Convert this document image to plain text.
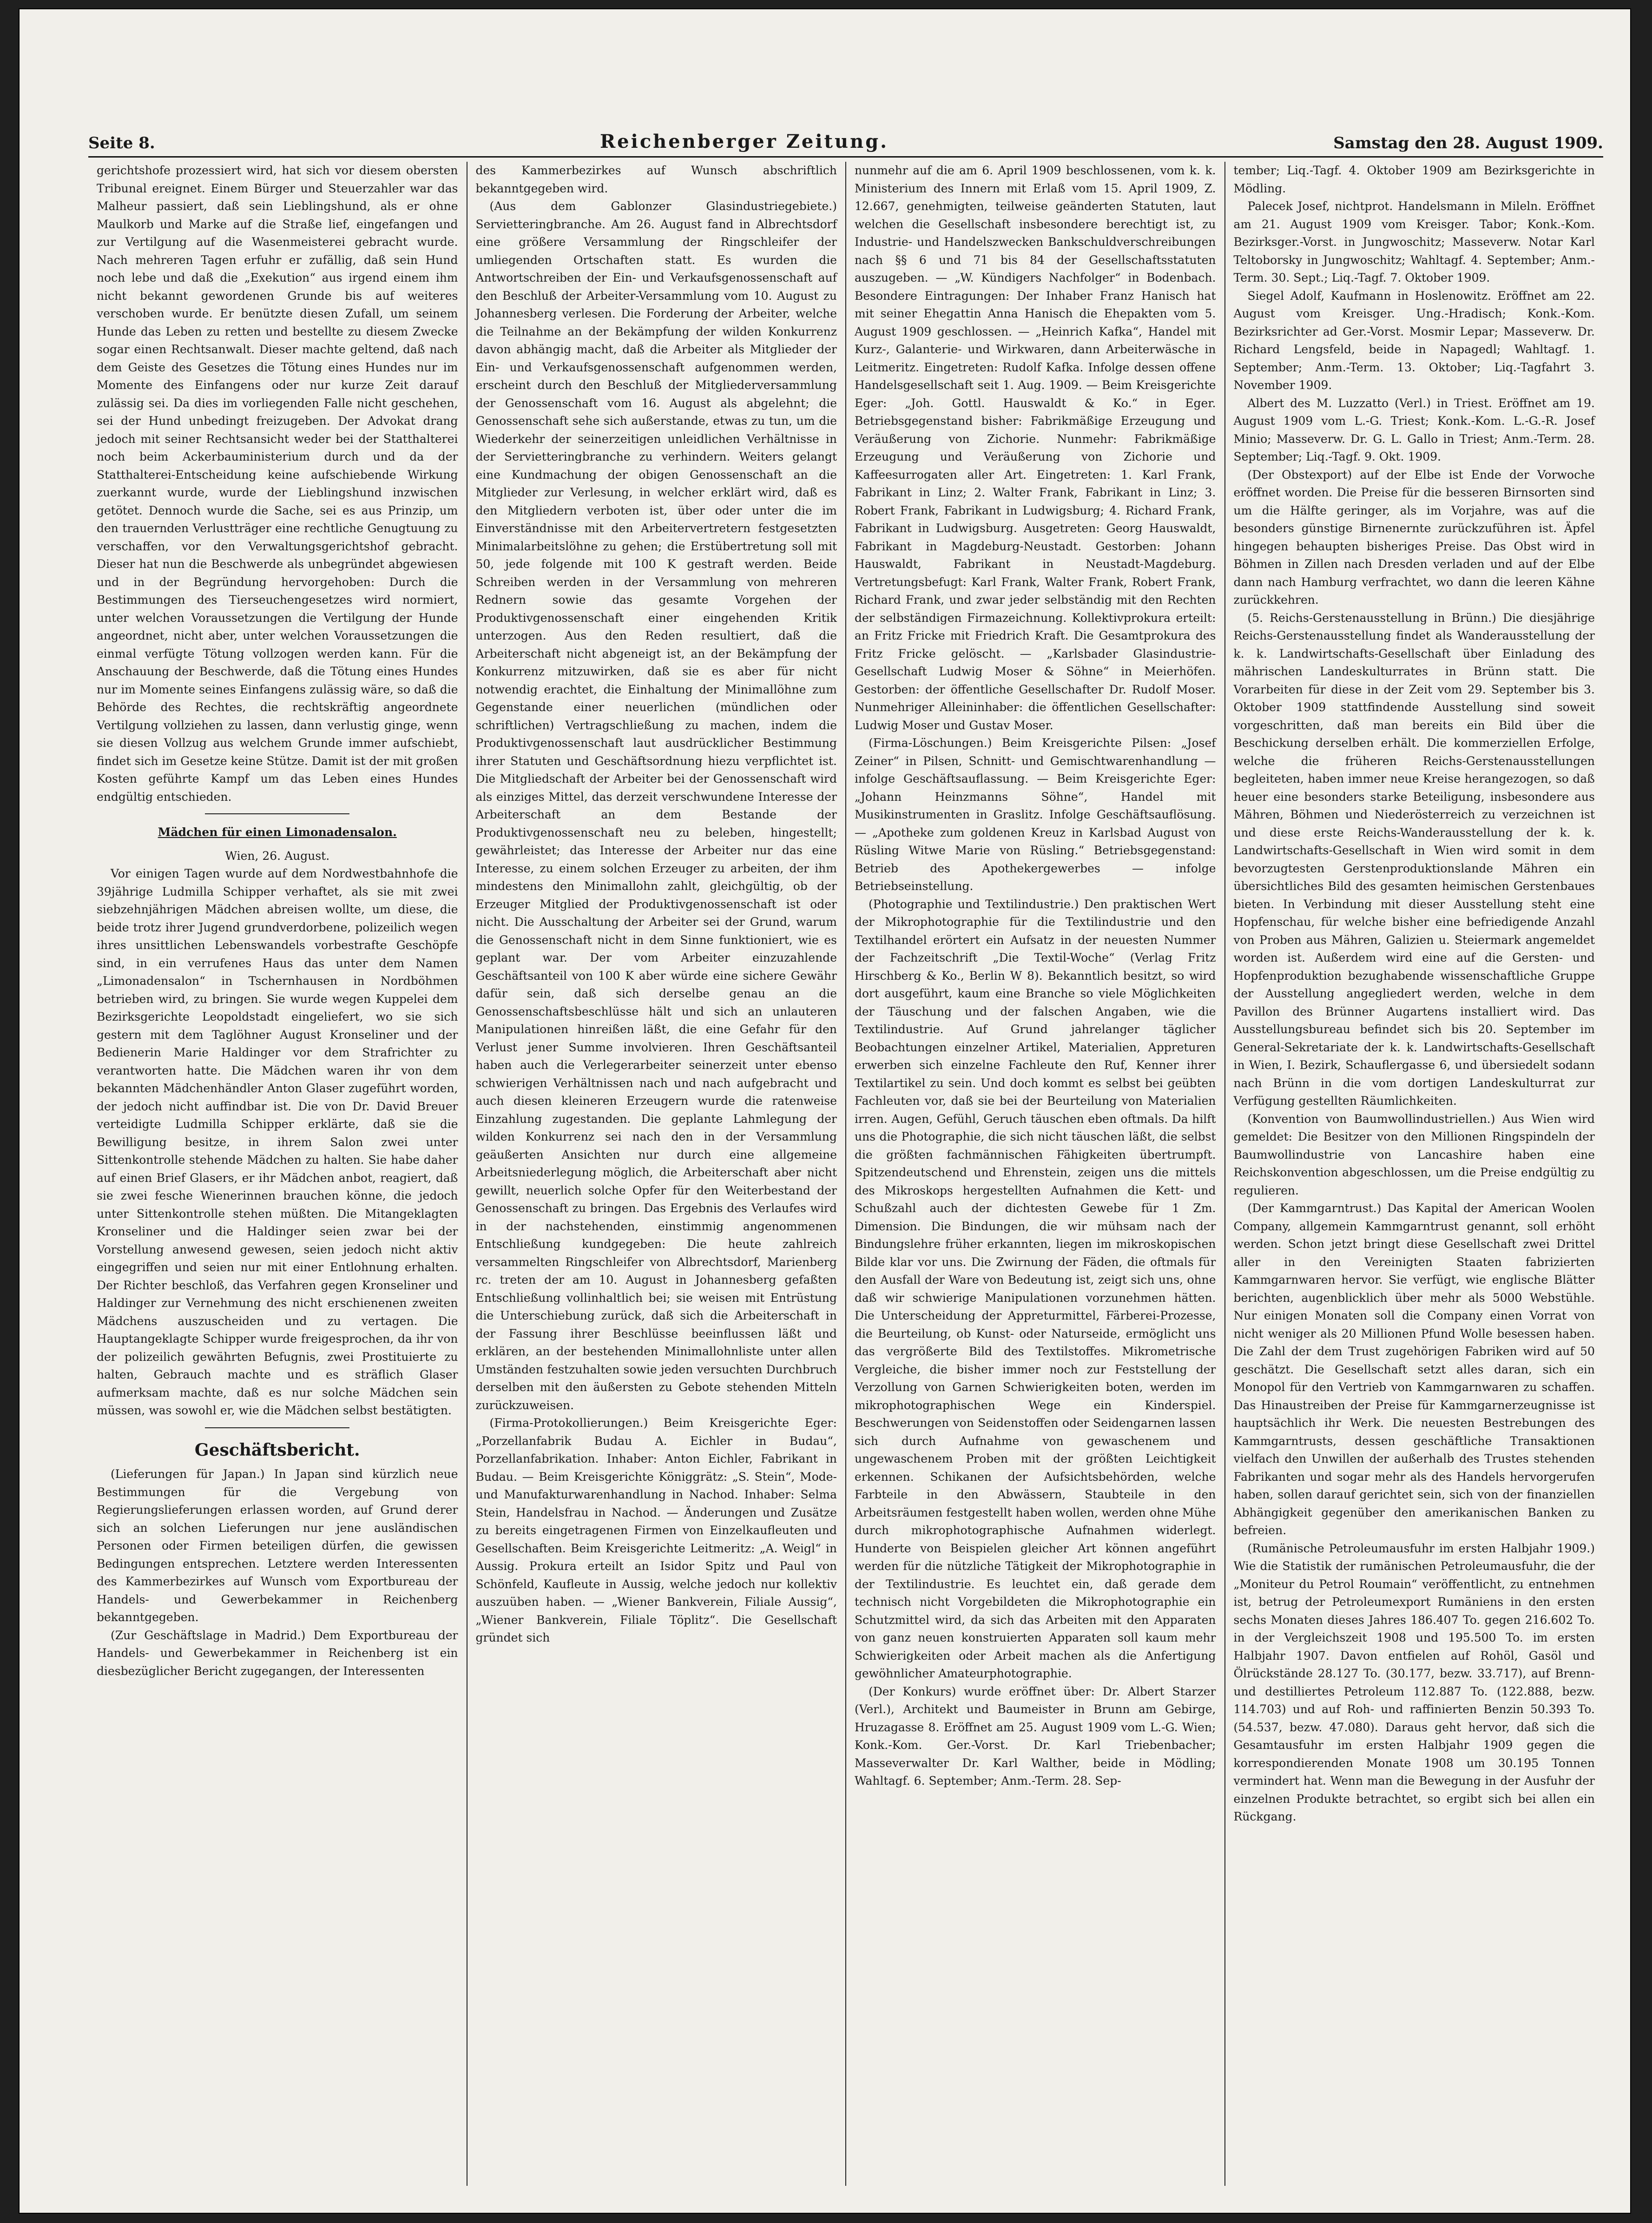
Seite 8.	Reichenberger Zeitung.	Samstag den 28. August 1909.

gerichtshofe prozessiert wird, hat sich vor diesem obersten Tribunal ereignet. Einem Bürger und Steuerzahler war das Malheur passiert, daß sein Lieblingshund, als er ohne Maulkorb und Marke auf die Straße lief, eingefangen und zur Vertilgung auf die Wasenmeisterei gebracht wurde. Nach mehreren Tagen erfuhr er zufällig, daß sein Hund noch lebe und daß die „Exekution“ aus irgend einem ihm nicht bekannt gewordenen Grunde bis auf weiteres verschoben wurde. Er benützte diesen Zufall, um seinem Hunde das Leben zu retten und bestellte zu diesem Zwecke sogar einen Rechtsanwalt. Dieser machte geltend, daß nach dem Geiste des Gesetzes die Tötung eines Hundes nur im Momente des Einfangens oder nur kurze Zeit darauf zulässig sei. Da dies im vorliegenden Falle nicht geschehen, sei der Hund unbedingt freizugeben. Der Advokat drang jedoch mit seiner Rechtsansicht weder bei der Statthalterei noch beim Ackerbauministerium durch und da der Statthalterei-Entscheidung keine aufschiebende Wirkung zuerkannt wurde, wurde der Lieblingshund inzwischen getötet. Dennoch wurde die Sache, sei es aus Prinzip, um den trauernden Verlustträger eine rechtliche Genugtuung zu verschaffen, vor den Verwaltungsgerichtshof gebracht. Dieser hat nun die Beschwerde als unbegründet abgewiesen und in der Begründung hervorgehoben: Durch die Bestimmungen des Tierseuchengesetzes wird normiert, unter welchen Voraussetzungen die Vertilgung der Hunde angeordnet, nicht aber, unter welchen Voraussetzungen die einmal verfügte Tötung vollzogen werden kann. Für die Anschauung der Beschwerde, daß die Tötung eines Hundes nur im Momente seines Einfangens zulässig wäre, so daß die Behörde des Rechtes, die rechtskräftig angeordnete Vertilgung vollziehen zu lassen, dann verlustig ginge, wenn sie diesen Vollzug aus welchem Grunde immer aufschiebt, findet sich im Gesetze keine Stütze. Damit ist der mit großen Kosten geführte Kampf um das Leben eines Hundes endgültig entschieden.

Mädchen für einen Limonadensalon.

Wien, 26. August.

Vor einigen Tagen wurde auf dem Nordwestbahnhofe die 39jährige Ludmilla Schipper verhaftet, als sie mit zwei siebzehnjährigen Mädchen abreisen wollte, um diese, die beide trotz ihrer Jugend grundverdorbene, polizeilich wegen ihres unsittlichen Lebenswandels vorbestrafte Geschöpfe sind, in ein verrufenes Haus das unter dem Namen „Limonadensalon“ in Tschernhausen in Nordböhmen betrieben wird, zu bringen. Sie wurde wegen Kuppelei dem Bezirksgerichte Leopoldstadt eingeliefert, wo sie sich gestern mit dem Taglöhner August Kronseliner und der Bedienerin Marie Haldinger vor dem Strafrichter zu verantworten hatte. Die Mädchen waren ihr von dem bekannten Mädchenhändler Anton Glaser zugeführt worden, der jedoch nicht auffindbar ist. Die von Dr. David Breuer verteidigte Ludmilla Schipper erklärte, daß sie die Bewilligung besitze, in ihrem Salon zwei unter Sittenkontrolle stehende Mädchen zu halten. Sie habe daher auf einen Brief Glasers, er ihr Mädchen anbot, reagiert, daß sie zwei fesche Wienerinnen brauchen könne, die jedoch unter Sittenkontrolle stehen müßten. Die Mitangeklagten Kronseliner und die Haldinger seien zwar bei der Vorstellung anwesend gewesen, seien jedoch nicht aktiv eingegriffen und seien nur mit einer Entlohnung erhalten. Der Richter beschloß, das Verfahren gegen Kronseliner und Haldinger zur Vernehmung des nicht erschienenen zweiten Mädchens auszuscheiden und zu vertagen. Die Hauptangeklagte Schipper wurde freigesprochen, da ihr von der polizeilich gewährten Befugnis, zwei Prostituierte zu halten, Gebrauch machte und es sträflich Glaser aufmerksam machte, daß es nur solche Mädchen sein müssen, was sowohl er, wie die Mädchen selbst bestätigten.

Geschäftsbericht.

(Lieferungen für Japan.) In Japan sind kürzlich neue Bestimmungen für die Vergebung von Regierungslieferungen erlassen worden, auf Grund derer sich an solchen Lieferungen nur jene ausländischen Personen oder Firmen beteiligen dürfen, die gewissen Bedingungen entsprechen. Letztere werden Interessenten des Kammerbezirkes auf Wunsch vom Exportbureau der Handels- und Gewerbekammer in Reichenberg bekanntgegeben.

(Zur Geschäftslage in Madrid.) Dem Exportbureau der Handels- und Gewerbekammer in Reichenberg ist ein diesbezüglicher Bericht zugegangen, der Interessenten

des Kammerbezirkes auf Wunsch abschriftlich bekanntgegeben wird.

(Aus dem Gablonzer Glasindustriegebiete.) Servietteringbranche. Am 26. August fand in Albrechtsdorf eine größere Versammlung der Ringschleifer der umliegenden Ortschaften statt. Es wurden die Antwortschreiben der Ein- und Verkaufsgenossenschaft auf den Beschluß der Arbeiter-Versammlung vom 10. August zu Johannesberg verlesen. Die Forderung der Arbeiter, welche die Teilnahme an der Bekämpfung der wilden Konkurrenz davon abhängig macht, daß die Arbeiter als Mitglieder der Ein- und Verkaufsgenossenschaft aufgenommen werden, erscheint durch den Beschluß der Mitgliederversammlung der Genossenschaft vom 16. August als abgelehnt; die Genossenschaft sehe sich außerstande, etwas zu tun, um die Wiederkehr der seinerzeitigen unleidlichen Verhältnisse in der Servietteringbranche zu verhindern. Weiters gelangt eine Kundmachung der obigen Genossenschaft an die Mitglieder zur Verlesung, in welcher erklärt wird, daß es den Mitgliedern verboten ist, über oder unter die im Einverständnisse mit den Arbeitervertretern festgesetzten Minimalarbeitslöhne zu gehen; die Erstübertretung soll mit 50, jede folgende mit 100 K gestraft werden. Beide Schreiben werden in der Versammlung von mehreren Rednern sowie das gesamte Vorgehen der Produktivgenossenschaft einer eingehenden Kritik unterzogen. Aus den Reden resultiert, daß die Arbeiterschaft nicht abgeneigt ist, an der Bekämpfung der Konkurrenz mitzuwirken, daß sie es aber für nicht notwendig erachtet, die Einhaltung der Minimallöhne zum Gegenstande einer neuerlichen (mündlichen oder schriftlichen) Vertragschließung zu machen, indem die Produktivgenossenschaft laut ausdrücklicher Bestimmung ihrer Statuten und Geschäftsordnung hiezu verpflichtet ist. Die Mitgliedschaft der Arbeiter bei der Genossenschaft wird als einziges Mittel, das derzeit verschwundene Interesse der Arbeiterschaft an dem Bestande der Produktivgenossenschaft neu zu beleben, hingestellt; gewährleistet; das Interesse der Arbeiter nur das eine Interesse, zu einem solchen Erzeuger zu arbeiten, der ihm mindestens den Minimallohn zahlt, gleichgültig, ob der Erzeuger Mitglied der Produktivgenossenschaft ist oder nicht. Die Ausschaltung der Arbeiter sei der Grund, warum die Genossenschaft nicht in dem Sinne funktioniert, wie es geplant war. Der vom Arbeiter einzuzahlende Geschäftsanteil von 100 K aber würde eine sichere Gewähr dafür sein, daß sich derselbe genau an die Genossenschaftsbeschlüsse hält und sich an unlauteren Manipulationen hinreißen läßt, die eine Gefahr für den Verlust jener Summe involvieren. Ihren Geschäftsanteil haben auch die Verlegerarbeiter seinerzeit unter ebenso schwierigen Verhältnissen nach und nach aufgebracht und auch diesen kleineren Erzeugern wurde die ratenweise Einzahlung zugestanden. Die geplante Lahmlegung der wilden Konkurrenz sei nach den in der Versammlung geäußerten Ansichten nur durch eine allgemeine Arbeitsniederlegung möglich, die Arbeiterschaft aber nicht gewillt, neuerlich solche Opfer für den Weiterbestand der Genossenschaft zu bringen. Das Ergebnis des Verlaufes wird in der nachstehenden, einstimmig angenommenen Entschließung kundgegeben: Die heute zahlreich versammelten Ringschleifer von Albrechtsdorf, Marienberg rc. treten der am 10. August in Johannesberg gefaßten Entschließung vollinhaltlich bei; sie weisen mit Entrüstung die Unterschiebung zurück, daß sich die Arbeiterschaft in der Fassung ihrer Beschlüsse beeinflussen läßt und erklären, an der bestehenden Minimallohnliste unter allen Umständen festzuhalten sowie jeden versuchten Durchbruch derselben mit den äußersten zu Gebote stehenden Mitteln zurückzuweisen.

(Firma-Protokollierungen.) Beim Kreisgerichte Eger: „Porzellanfabrik Budau A. Eichler in Budau“, Porzellanfabrikation. Inhaber: Anton Eichler, Fabrikant in Budau. — Beim Kreisgerichte Königgrätz: „S. Stein“, Mode- und Manufakturwarenhandlung in Nachod. Inhaber: Selma Stein, Handelsfrau in Nachod. — Änderungen und Zusätze zu bereits eingetragenen Firmen von Einzelkaufleuten und Gesellschaften. Beim Kreisgerichte Leitmeritz: „A. Weigl“ in Aussig. Prokura erteilt an Isidor Spitz und Paul von Schönfeld, Kaufleute in Aussig, welche jedoch nur kollektiv auszuüben haben. — „Wiener Bankverein, Filiale Aussig“, „Wiener Bankverein, Filiale Töplitz“. Die Gesellschaft gründet sich

nunmehr auf die am 6. April 1909 beschlossenen, vom k. k. Ministerium des Innern mit Erlaß vom 15. April 1909, Z. 12.667, genehmigten, teilweise geänderten Statuten, laut welchen die Gesellschaft insbesondere berechtigt ist, zu Industrie- und Handelszwecken Bankschuldverschreibungen nach §§ 6 und 71 bis 84 der Gesellschaftsstatuten auszugeben. — „W. Kündigers Nachfolger“ in Bodenbach. Besondere Eintragungen: Der Inhaber Franz Hanisch hat mit seiner Ehegattin Anna Hanisch die Ehepakten vom 5. August 1909 geschlossen. — „Heinrich Kafka“, Handel mit Kurz-, Galanterie- und Wirkwaren, dann Arbeiterwäsche in Leitmeritz. Eingetreten: Rudolf Kafka. Infolge dessen offene Handelsgesellschaft seit 1. Aug. 1909. — Beim Kreisgerichte Eger: „Joh. Gottl. Hauswaldt & Ko.“ in Eger. Betriebsgegenstand bisher: Fabrikmäßige Erzeugung und Veräußerung von Zichorie. Nunmehr: Fabrikmäßige Erzeugung und Veräußerung von Zichorie und Kaffeesurrogaten aller Art. Eingetreten: 1. Karl Frank, Fabrikant in Linz; 2. Walter Frank, Fabrikant in Linz; 3. Robert Frank, Fabrikant in Ludwigsburg; 4. Richard Frank, Fabrikant in Ludwigsburg. Ausgetreten: Georg Hauswaldt, Fabrikant in Magdeburg-Neustadt. Gestorben: Johann Hauswaldt, Fabrikant in Neustadt-Magdeburg. Vertretungsbefugt: Karl Frank, Walter Frank, Robert Frank, Richard Frank, und zwar jeder selbständig mit den Rechten der selbständigen Firmazeichnung. Kollektivprokura erteilt: an Fritz Fricke mit Friedrich Kraft. Die Gesamtprokura des Fritz Fricke gelöscht. — „Karlsbader Glasindustrie-Gesellschaft Ludwig Moser & Söhne“ in Meierhöfen. Gestorben: der öffentliche Gesellschafter Dr. Rudolf Moser. Nunmehriger Alleininhaber: die öffentlichen Gesellschafter: Ludwig Moser und Gustav Moser.

(Firma-Löschungen.) Beim Kreisgerichte Pilsen: „Josef Zeiner“ in Pilsen, Schnitt- und Gemischtwarenhandlung — infolge Geschäftsauflassung. — Beim Kreisgerichte Eger: „Johann Heinzmanns Söhne“, Handel mit Musikinstrumenten in Graslitz. Infolge Geschäftsauflösung. — „Apotheke zum goldenen Kreuz in Karlsbad August von Rüsling Witwe Marie von Rüsling.“ Betriebsgegenstand: Betrieb des Apothekergewerbes — infolge Betriebseinstellung.

(Photographie und Textilindustrie.) Den praktischen Wert der Mikrophotographie für die Textilindustrie und den Textilhandel erörtert ein Aufsatz in der neuesten Nummer der Fachzeitschrift „Die Textil-Woche“ (Verlag Fritz Hirschberg & Ko., Berlin W 8). Bekanntlich besitzt, so wird dort ausgeführt, kaum eine Branche so viele Möglichkeiten der Täuschung und der falschen Angaben, wie die Textilindustrie. Auf Grund jahrelanger täglicher Beobachtungen einzelner Artikel, Materialien, Appreturen erwerben sich einzelne Fachleute den Ruf, Kenner ihrer Textilartikel zu sein. Und doch kommt es selbst bei geübten Fachleuten vor, daß sie bei der Beurteilung von Materialien irren. Augen, Gefühl, Geruch täuschen eben oftmals. Da hilft uns die Photographie, die sich nicht täuschen läßt, die selbst die größten fachmännischen Fähigkeiten übertrumpft. Spitzendeutschend und Ehrenstein, zeigen uns die mittels des Mikroskops hergestellten Aufnahmen die Kett- und Schußzahl auch der dichtesten Gewebe für 1 Zm. Dimension. Die Bindungen, die wir mühsam nach der Bindungslehre früher erkannten, liegen im mikroskopischen Bilde klar vor uns. Die Zwirnung der Fäden, die oftmals für den Ausfall der Ware von Bedeutung ist, zeigt sich uns, ohne daß wir schwierige Manipulationen vorzunehmen hätten. Die Unterscheidung der Appreturmittel, Färberei-Prozesse, die Beurteilung, ob Kunst- oder Naturseide, ermöglicht uns das vergrößerte Bild des Textilstoffes. Mikrometrische Vergleiche, die bisher immer noch zur Feststellung der Verzollung von Garnen Schwierigkeiten boten, werden im mikrophotographischen Wege ein Kinderspiel. Beschwerungen von Seidenstoffen oder Seidengarnen lassen sich durch Aufnahme von gewaschenem und ungewaschenem Proben mit der größten Leichtigkeit erkennen. Schikanen der Aufsichtsbehörden, welche Farbteile in den Abwässern, Staubteile in den Arbeitsräumen festgestellt haben wollen, werden ohne Mühe durch mikrophotographische Aufnahmen widerlegt. Hunderte von Beispielen gleicher Art können angeführt werden für die nützliche Tätigkeit der Mikrophotographie in der Textilindustrie. Es leuchtet ein, daß gerade dem technisch nicht Vorgebildeten die Mikrophotographie ein Schutzmittel wird, da sich das Arbeiten mit den Apparaten von ganz neuen konstruierten Apparaten soll kaum mehr Schwierigkeiten oder Arbeit machen als die Anfertigung gewöhnlicher Amateurphotographie.

(Der Konkurs) wurde eröffnet über: Dr. Albert Starzer (Verl.), Architekt und Baumeister in Brunn am Gebirge, Hruzagasse 8. Eröffnet am 25. August 1909 vom L.-G. Wien; Konk.-Kom. Ger.-Vorst. Dr. Karl Triebenbacher; Masseverwalter Dr. Karl Walther, beide in Mödling; Wahltagf. 6. September; Anm.-Term. 28. Sep-

tember; Liq.-Tagf. 4. Oktober 1909 am Bezirksgerichte in Mödling.

Palecek Josef, nichtprot. Handelsmann in Mileln. Eröffnet am 21. August 1909 vom Kreisger. Tabor; Konk.-Kom. Bezirksger.-Vorst. in Jungwoschitz; Masseverw. Notar Karl Teltoborsky in Jungwoschitz; Wahltagf. 4. September; Anm.-Term. 30. Sept.; Liq.-Tagf. 7. Oktober 1909.

Siegel Adolf, Kaufmann in Hoslenowitz. Eröffnet am 22. August vom Kreisger. Ung.-Hradisch; Konk.-Kom. Bezirksrichter ad Ger.-Vorst. Mosmir Lepar; Masseverw. Dr. Richard Lengsfeld, beide in Napagedl; Wahltagf. 1. September; Anm.-Term. 13. Oktober; Liq.-Tagfahrt 3. November 1909.

Albert des M. Luzzatto (Verl.) in Triest. Eröffnet am 19. August 1909 vom L.-G. Triest; Konk.-Kom. L.-G.-R. Josef Minio; Masseverw. Dr. G. L. Gallo in Triest; Anm.-Term. 28. September; Liq.-Tagf. 9. Okt. 1909.

(Der Obstexport) auf der Elbe ist Ende der Vorwoche eröffnet worden. Die Preise für die besseren Birnsorten sind um die Hälfte geringer, als im Vorjahre, was auf die besonders günstige Birnenernte zurückzuführen ist. Äpfel hingegen behaupten bisheriges Preise. Das Obst wird in Böhmen in Zillen nach Dresden verladen und auf der Elbe dann nach Hamburg verfrachtet, wo dann die leeren Kähne zurückkehren.

(5. Reichs-Gerstenausstellung in Brünn.) Die diesjährige Reichs-Gerstenausstellung findet als Wanderausstellung der k. k. Landwirtschafts-Gesellschaft über Einladung des mährischen Landeskulturrates in Brünn statt. Die Vorarbeiten für diese in der Zeit vom 29. September bis 3. Oktober 1909 stattfindende Ausstellung sind soweit vorgeschritten, daß man bereits ein Bild über die Beschickung derselben erhält. Die kommerziellen Erfolge, welche die früheren Reichs-Gerstenausstellungen begleiteten, haben immer neue Kreise herangezogen, so daß heuer eine besonders starke Beteiligung, insbesondere aus Mähren, Böhmen und Niederösterreich zu verzeichnen ist und diese erste Reichs-Wanderausstellung der k. k. Landwirtschafts-Gesellschaft in Wien wird somit in dem bevorzugtesten Gerstenproduktionslande Mähren ein übersichtliches Bild des gesamten heimischen Gerstenbaues bieten. In Verbindung mit dieser Ausstellung steht eine Hopfenschau, für welche bisher eine befriedigende Anzahl von Proben aus Mähren, Galizien u. Steiermark angemeldet worden ist. Außerdem wird eine auf die Gersten- und Hopfenproduktion bezughabende wissenschaftliche Gruppe der Ausstellung angegliedert werden, welche in dem Pavillon des Brünner Augartens installiert wird. Das Ausstellungsbureau befindet sich bis 20. September im General-Sekretariate der k. k. Landwirtschafts-Gesellschaft in Wien, I. Bezirk, Schauflergasse 6, und übersiedelt sodann nach Brünn in die vom dortigen Landeskulturrat zur Verfügung gestellten Räumlichkeiten.

(Konvention von Baumwollindustriellen.) Aus Wien wird gemeldet: Die Besitzer von den Millionen Ringspindeln der Baumwollindustrie von Lancashire haben eine Reichskonvention abgeschlossen, um die Preise endgültig zu regulieren.

(Der Kammgarntrust.) Das Kapital der American Woolen Company, allgemein Kammgarntrust genannt, soll erhöht werden. Schon jetzt bringt diese Gesellschaft zwei Drittel aller in den Vereinigten Staaten fabrizierten Kammgarnwaren hervor. Sie verfügt, wie englische Blätter berichten, augenblicklich über mehr als 5000 Webstühle. Nur einigen Monaten soll die Company einen Vorrat von nicht weniger als 20 Millionen Pfund Wolle besessen haben. Die Zahl der dem Trust zugehörigen Fabriken wird auf 50 geschätzt. Die Gesellschaft setzt alles daran, sich ein Monopol für den Vertrieb von Kammgarnwaren zu schaffen. Das Hinaustreiben der Preise für Kammgarnerzeugnisse ist hauptsächlich ihr Werk. Die neuesten Bestrebungen des Kammgarntrusts, dessen geschäftliche Transaktionen vielfach den Unwillen der außerhalb des Trustes stehenden Fabrikanten und sogar mehr als des Handels hervorgerufen haben, sollen darauf gerichtet sein, sich von der finanziellen Abhängigkeit gegenüber den amerikanischen Banken zu befreien.

(Rumänische Petroleumausfuhr im ersten Halbjahr 1909.) Wie die Statistik der rumänischen Petroleumausfuhr, die der „Moniteur du Petrol Roumain“ veröffentlicht, zu entnehmen ist, betrug der Petroleumexport Rumäniens in den ersten sechs Monaten dieses Jahres 186.407 To. gegen 216.602 To. in der Vergleichszeit 1908 und 195.500 To. im ersten Halbjahr 1907. Davon entfielen auf Rohöl, Gasöl und Ölrückstände 28.127 To. (30.177, bezw. 33.717), auf Brenn- und destilliertes Petroleum 112.887 To. (122.888, bezw. 114.703) und auf Roh- und raffinierten Benzin 50.393 To. (54.537, bezw. 47.080). Daraus geht hervor, daß sich die Gesamtausfuhr im ersten Halbjahr 1909 gegen die korrespondierenden Monate 1908 um 30.195 Tonnen vermindert hat. Wenn man die Bewegung in der Ausfuhr der einzelnen Produkte betrachtet, so ergibt sich bei allen ein Rückgang.
